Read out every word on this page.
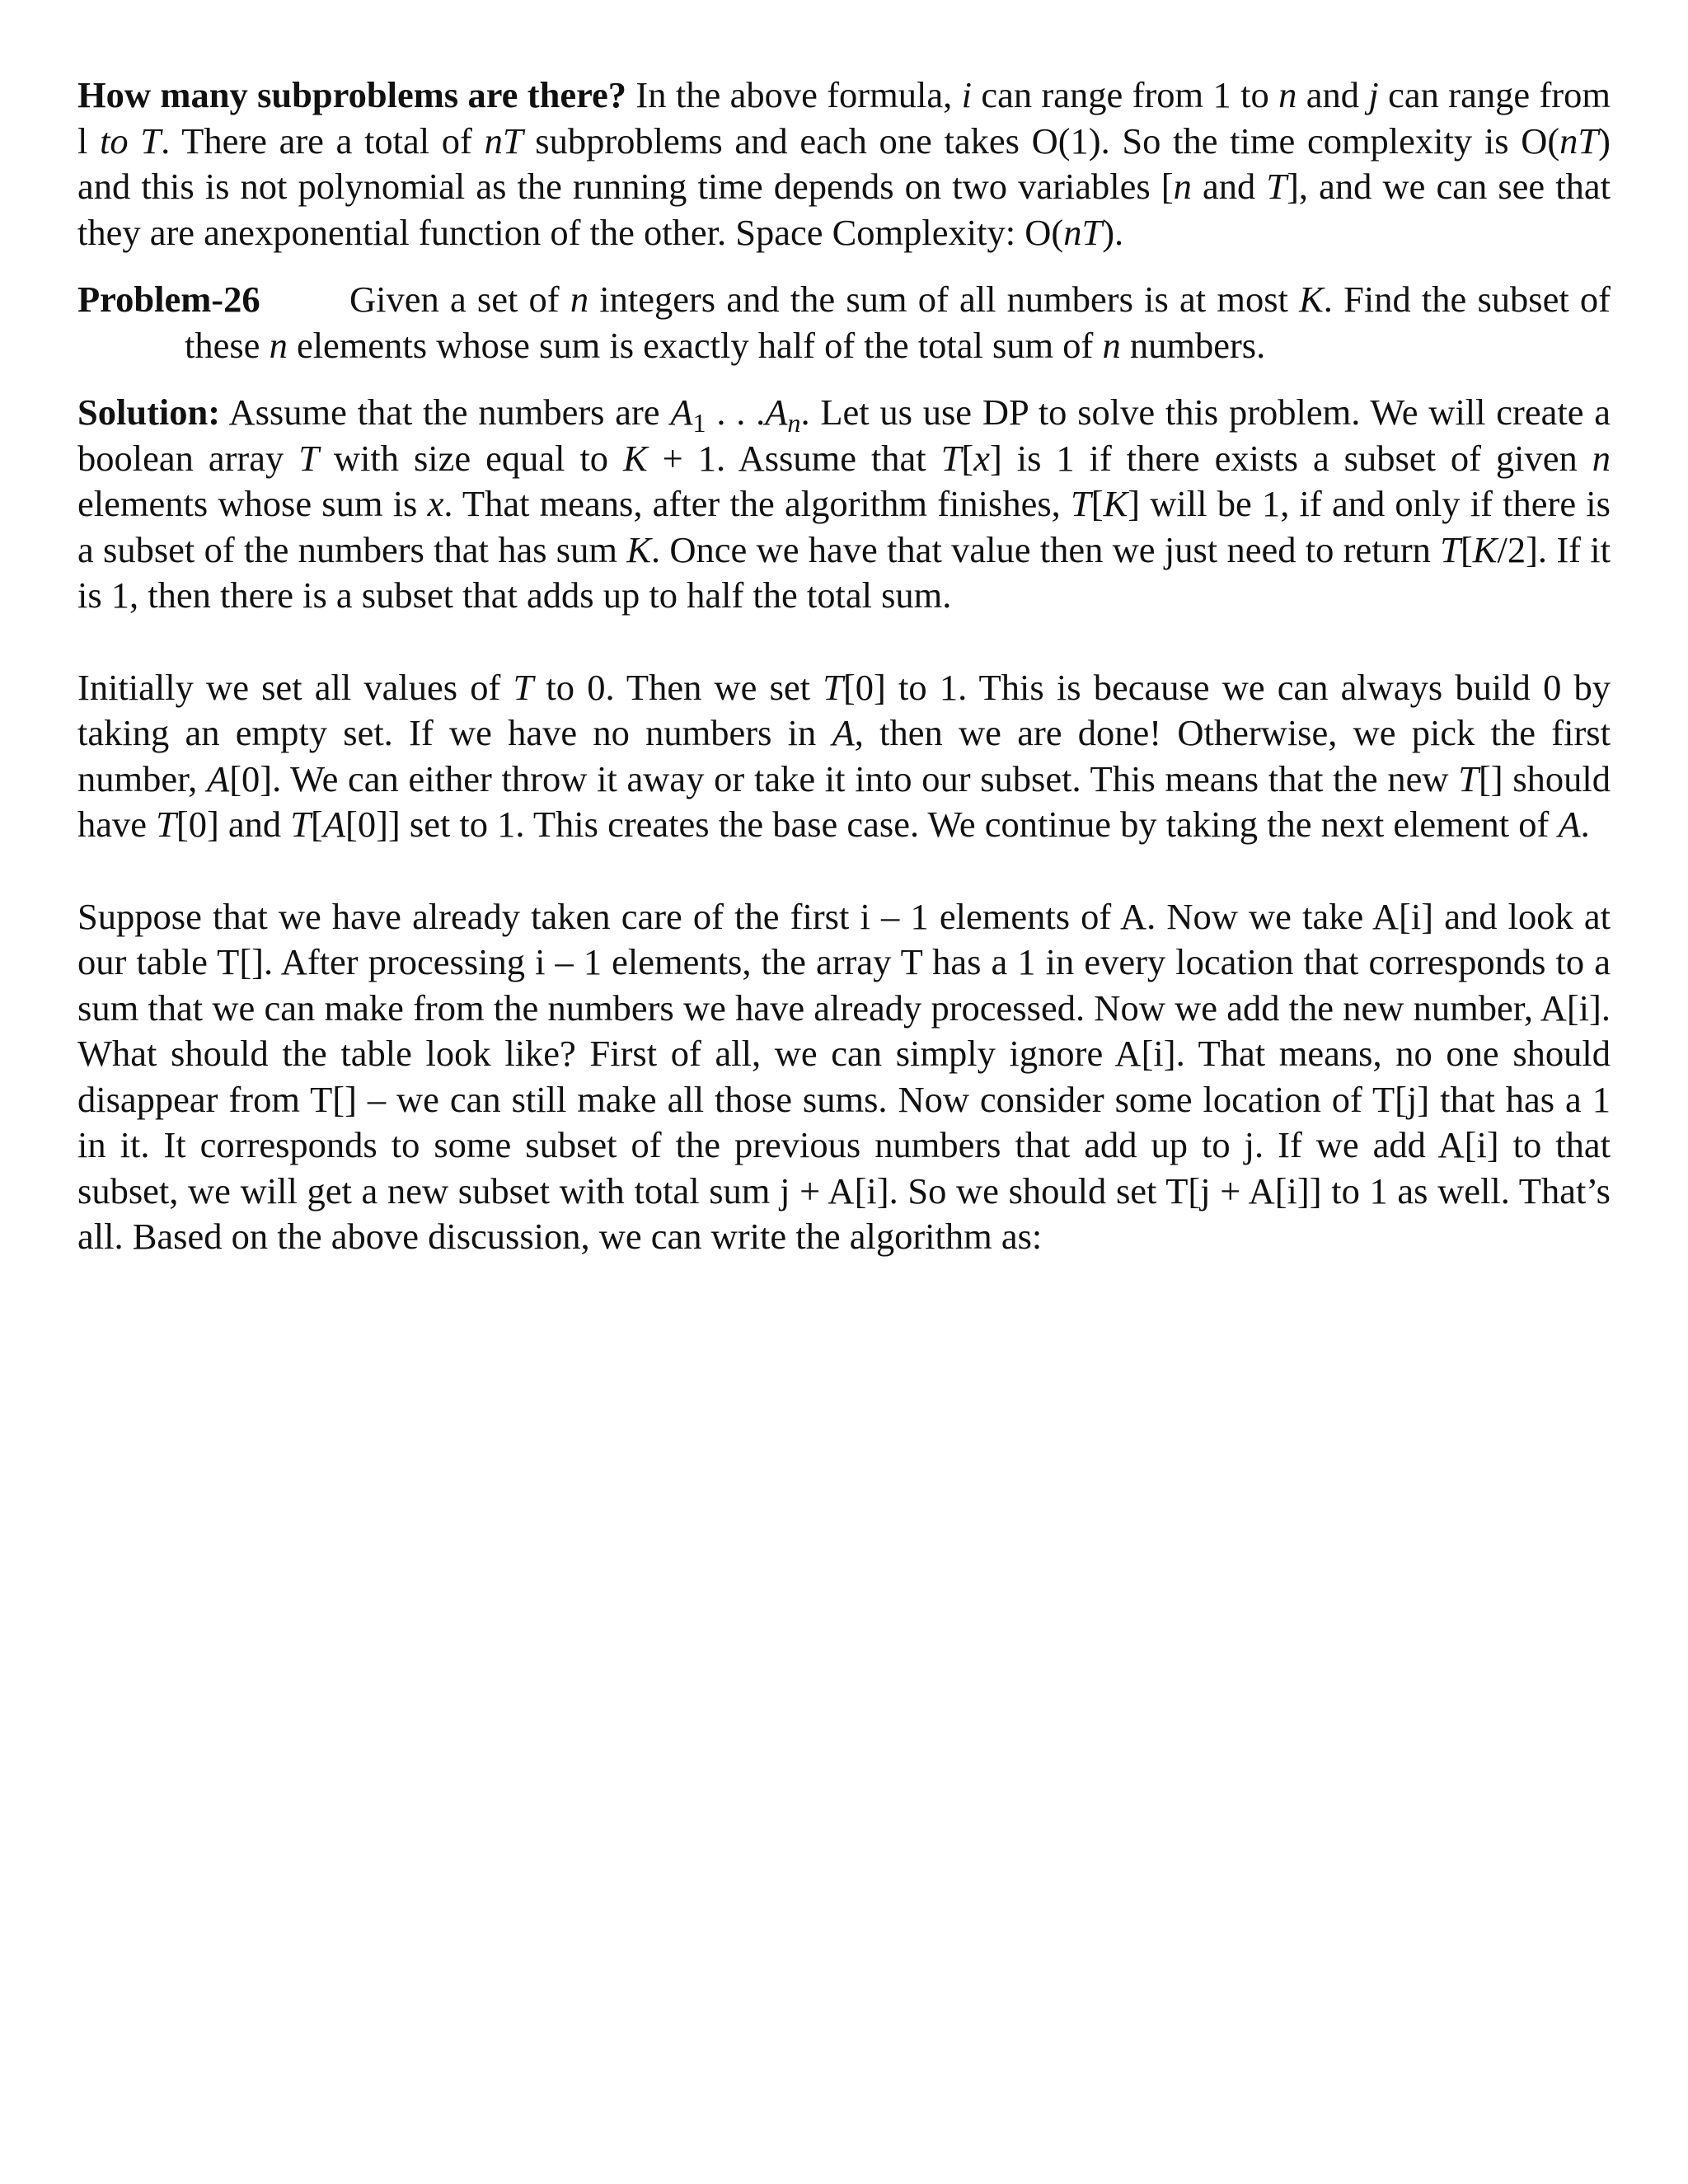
How many subproblems are there? In the above formula, i can range from 1 to n and j can range from l to T. There are a total of nT subproblems and each one takes O(1). So the time complexity is O(nT) and this is not polynomial as the running time depends on two variables [n and T], and we can see that they are anexponential function of the other. Space Complexity: O(nT).

Problem-26 Given a set of n integers and the sum of all numbers is at most K. Find the subset of these n elements whose sum is exactly half of the total sum of n numbers.

Solution: Assume that the numbers are $A_1$ . . $.A_n$. Let us use DP to solve this problem. We will create a boolean array T with size equal to K + 1. Assume that T[x] is 1 if there exists a subset of given n elements whose sum is x. That means, after the algorithm finishes, T[K] will be 1, if and only if there is a subset of the numbers that has sum K. Once we have that value then we just need to return T[K/2]. If it is 1, then there is a subset that adds up to half the total sum.

Initially we set all values of T to 0. Then we set T[0] to 1. This is because we can always build 0 by taking an empty set. If we have no numbers in A, then we are done! Otherwise, we pick the first number, A[0]. We can either throw it away or take it into our subset. This means that the new T[] should have T[0] and T[A[0]] set to 1. This creates the base case. We continue by taking the next element of A.

Suppose that we have already taken care of the first i – 1 elements of A. Now we take A[i] and look at our table T[]. After processing i – 1 elements, the array T has a 1 in every location that corresponds to a sum that we can make from the numbers we have already processed. Now we add the new number, A[i]. What should the table look like? First of all, we can simply ignore A[i]. That means, no one should disappear from T[] – we can still make all those sums. Now consider some location of T[j] that has a 1 in it. It corresponds to some subset of the previous numbers that add up to j. If we add A[i] to that subset, we will get a new subset with total sum j + A[i]. So we should set T[j + A[i]] to 1 as well. That’s all. Based on the above discussion, we can write the algorithm as:
